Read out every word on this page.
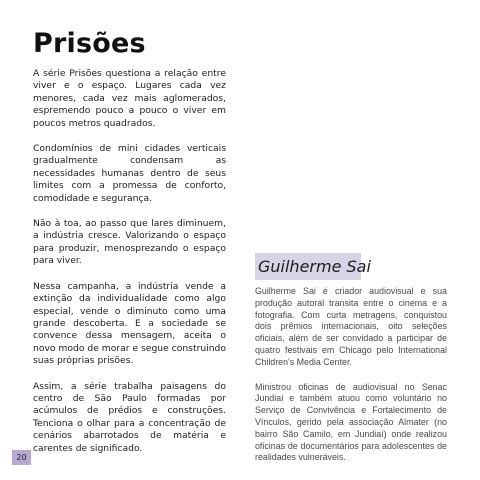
Prisões

A série Prisões questiona a relação entre viver e o espaço. Lugares cada vez menores, cada vez mais aglomerados, espremendo pouco a pouco o viver em poucos metros quadrados.

Condomínios de mini cidades verticais gradualmente condensam as necessidades humanas dentro de seus limites com a promessa de conforto, comodidade e segurança.

Não à toa, ao passo que lares diminuem, a indústria cresce. Valorizando o espaço para produzir, menosprezando o espaço para viver.

Nessa campanha, a indústria vende a extinção da individualidade como algo especial, vende o diminuto como uma grande descoberta. E a sociedade se convence dessa mensagem, aceita o novo modo de morar e segue construindo suas próprias prisões.

Assim, a série trabalha paisagens do centro de São Paulo formadas por acúmulos de prédios e construções. Tenciona o olhar para a concentração de cenários abarrotados de matéria e carentes de significado.

Guilherme Sai

Guilherme Sai é criador audiovisual e sua produção autoral transita entre o cinema e a fotografia. Com curta metragens, conquistou dois prêmios internacionais, oito seleções oficiais, além de ser convidado a participar de quatro festivais em Chicago pelo International Children's Media Center.

Ministrou oficinas de audiovisual no Senac Jundiaí e também atuou como voluntário no Serviço de Convivência e Fortalecimento de Vínculos, gerido pela associação Almater (no bairro São Camilo, em Jundiaí) onde realizou oficinas de documentários para adolescentes de realidades vulneráveis.

20
